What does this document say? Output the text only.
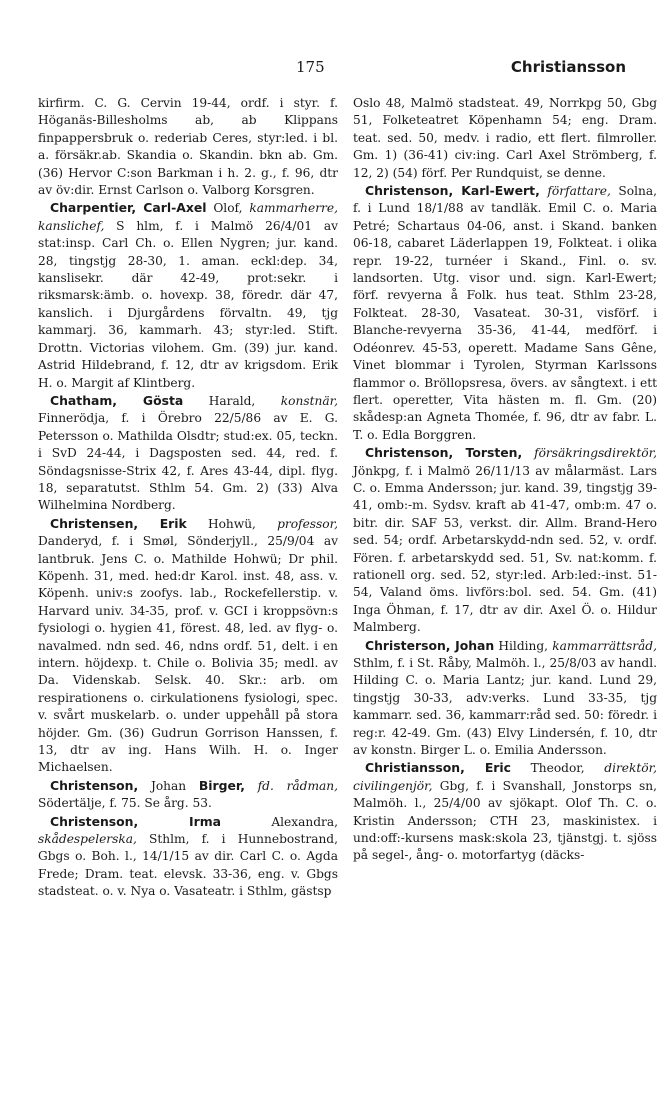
175	Christiansson

kirfirm. C. G. Cervin 19-44, ordf. i styr. f. Höganäs-Billesholms ab, ab Klippans finpappersbruk o. rederiab Ceres, styr:led. i bl. a. försäkr.ab. Skandia o. Skandin. bkn ab. Gm. (36) Hervor C:son Barkman i h. 2. g., f. 96, dtr av öv:dir. Ernst Carlson o. Valborg Korsgren.

Charpentier, Carl-Axel Olof, kammarherre, kanslichef, S hlm, f. i Malmö 26/4/01 av stat:insp. Carl Ch. o. Ellen Nygren; jur. kand. 28, tingstjg 28-30, 1. aman. eckl:dep. 34, kanslisekr. där 42-49, prot:sekr. i riksmarsk:ämb. o. hovexp. 38, föredr. där 47, kanslich. i Djurgårdens förvaltn. 49, tjg kammarj. 36, kammarh. 43; styr:led. Stift. Drottn. Victorias vilohem. Gm. (39) jur. kand. Astrid Hildebrand, f. 12, dtr av krigsdom. Erik H. o. Margit af Klintberg.

Chatham, Gösta Harald, konstnär, Finnerödja, f. i Örebro 22/5/86 av E. G. Petersson o. Mathilda Olsdtr; stud:ex. 05, teckn. i SvD 24-44, i Dagsposten sed. 44, red. f. Söndagsnisse-Strix 42, f. Ares 43-44, dipl. flyg. 18, separatutst. Sthlm 54. Gm. 2) (33) Alva Wilhelmina Nordberg.

Christensen, Erik Hohwü, professor, Danderyd, f. i Smøl, Sönderjyll., 25/9/04 av lantbruk. Jens C. o. Mathilde Hohwü; Dr phil. Köpenh. 31, med. hed:dr Karol. inst. 48, ass. v. Köpenh. univ:s zoofys. lab., Rockefellerstip. v. Harvard univ. 34-35, prof. v. GCI i kroppsövn:s fysiologi o. hygien 41, förest. 48, led. av flyg- o. navalmed. ndn sed. 46, ndns ordf. 51, delt. i en intern. höjdexp. t. Chile o. Bolivia 35; medl. av Da. Videnskab. Selsk. 40. Skr.: arb. om respirationens o. cirkulationens fysiologi, spec. v. svårt muskelarb. o. under uppehåll på stora höjder. Gm. (36) Gudrun Gorrison Hanssen, f. 13, dtr av ing. Hans Wilh. H. o. Inger Michaelsen.

Christenson, Johan Birger, fd. rådman, Södertälje, f. 75. Se årg. 53.

Christenson, Irma Alexandra, skådespelerska, Sthlm, f. i Hunnebostrand, Gbgs o. Boh. l., 14/1/15 av dir. Carl C. o. Agda Frede; Dram. teat. elevsk. 33-36, eng. v. Gbgs stadsteat. o. v. Nya o. Vasateatr. i Sthlm, gästsp

Oslo 48, Malmö stadsteat. 49, Norrkpg 50, Gbg 51, Folketeatret Köpenhamn 54; eng. Dram. teat. sed. 50, medv. i radio, ett flert. filmroller. Gm. 1) (36-41) civ:ing. Carl Axel Strömberg, f. 12, 2) (54) förf. Per Rundquist, se denne.

Christenson, Karl-Ewert, författare, Solna, f. i Lund 18/1/88 av tandläk. Emil C. o. Maria Petré; Schartaus 04-06, anst. i Skand. banken 06-18, cabaret Läderlappen 19, Folkteat. i olika repr. 19-22, turnéer i Skand., Finl. o. sv. landsorten. Utg. visor und. sign. Karl-Ewert; förf. revyerna å Folk. hus teat. Sthlm 23-28, Folkteat. 28-30, Vasateat. 30-31, visförf. i Blanche-revyerna 35-36, 41-44, medförf. i Odéonrev. 45-53, operett. Madame Sans Gêne, Vinet blommar i Tyrolen, Styrman Karlssons flammor o. Bröllopsresa, övers. av sångtext. i ett flert. operetter, Vita hästen m. fl. Gm. (20) skådesp:an Agneta Thomée, f. 96, dtr av fabr. L. T. o. Edla Borggren.

Christenson, Torsten, försäkringsdirektör, Jönkpg, f. i Malmö 26/11/13 av målarmäst. Lars C. o. Emma Andersson; jur. kand. 39, tingstjg 39-41, omb:-m. Sydsv. kraft ab 41-47, omb:m. 47 o. bitr. dir. SAF 53, verkst. dir. Allm. Brand-Hero sed. 54; ordf. Arbetarskydd-ndn sed. 52, v. ordf. Fören. f. arbetarskydd sed. 51, Sv. nat:komm. f. rationell org. sed. 52, styr:led. Arb:led:-inst. 51-54, Valand öms. livförs:bol. sed. 54. Gm. (41) Inga Öhman, f. 17, dtr av dir. Axel Ö. o. Hildur Malmberg.

Christerson, Johan Hilding, kammarrättsråd, Sthlm, f. i St. Råby, Malmöh. l., 25/8/03 av handl. Hilding C. o. Maria Lantz; jur. kand. Lund 29, tingstjg 30-33, adv:verks. Lund 33-35, tjg kammarr. sed. 36, kammarr:råd sed. 50: föredr. i reg:r. 42-49. Gm. (43) Elvy Lindersén, f. 10, dtr av konstn. Birger L. o. Emilia Andersson.

Christiansson, Eric Theodor, direktör, civilingenjör, Gbg, f. i Svanshall, Jonstorps sn, Malmöh. l., 25/4/00 av sjökapt. Olof Th. C. o. Kristin Andersson; CTH 23, maskinistex. i und:off:-kursens mask:skola 23, tjänstgj. t. sjöss på segel-, ång- o. motorfartyg (däcks-
